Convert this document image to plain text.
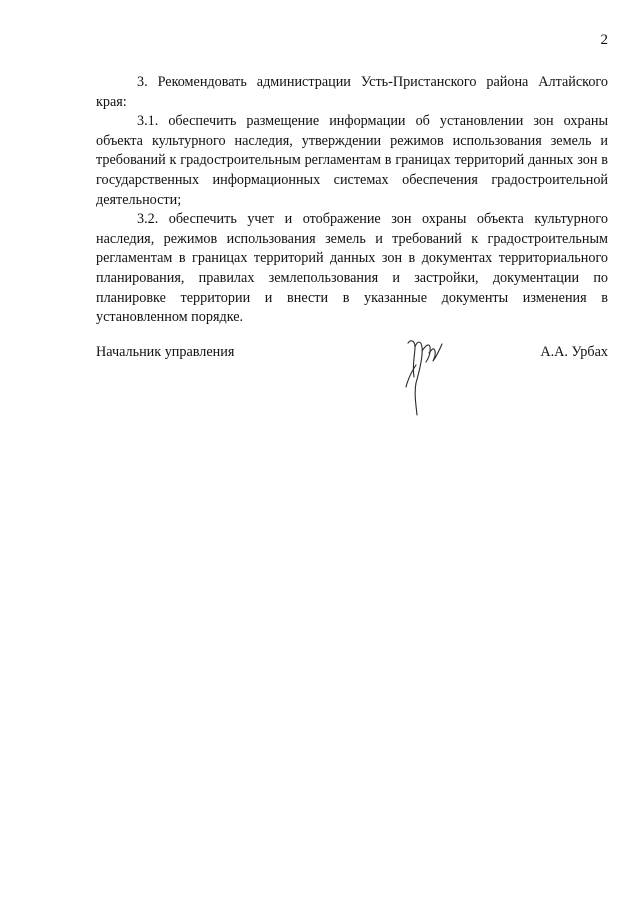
2

3. Рекомендовать администрации Усть-Пристанского района Алтайского края:

3.1. обеспечить размещение информации об установлении зон охраны объекта культурного наследия, утверждении режимов использования земель и требований к градостроительным регламентам в границах территорий данных зон в государственных информационных системах обеспечения градостроительной деятельности;

3.2. обеспечить учет и отображение зон охраны объекта культурного наследия, режимов использования земель и требований к градостроительным регламентам в границах территорий данных зон в документах территориального планирования, правилах землепользования и застройки, документации по планировке территории и внести в указанные документы изменения в установленном порядке.

Начальник управления	А.А. Урбах
